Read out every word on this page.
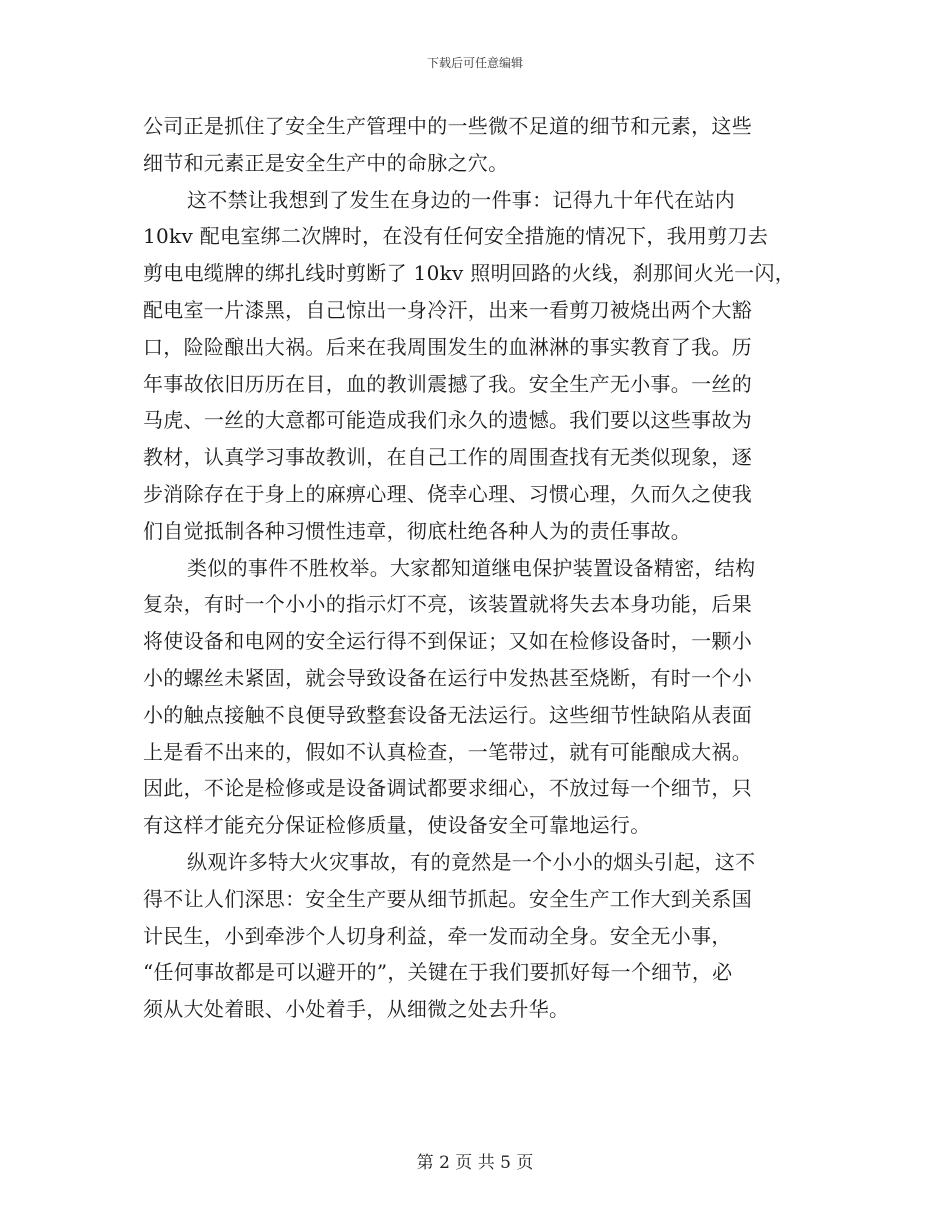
下载后可任意编辑
公司正是抓住了安全生产管理中的一些微不足道的细节和元素，这些
细节和元素正是安全生产中的命脉之穴。
这不禁让我想到了发生在身边的一件事：记得九十年代在站内
10kv 配电室绑二次牌时，在没有任何安全措施的情况下，我用剪刀去
剪电电缆牌的绑扎线时剪断了 10kv 照明回路的火线，刹那间火光一闪，
配电室一片漆黑，自己惊出一身冷汗，出来一看剪刀被烧出两个大豁
口，险险酿出大祸。后来在我周围发生的血淋淋的事实教育了我。历
年事故依旧历历在目，血的教训震撼了我。安全生产无小事。一丝的
马虎、一丝的大意都可能造成我们永久的遗憾。我们要以这些事故为
教材，认真学习事故教训，在自己工作的周围查找有无类似现象，逐
步消除存在于身上的麻痹心理、侥幸心理、习惯心理，久而久之使我
们自觉抵制各种习惯性违章，彻底杜绝各种人为的责任事故。
类似的事件不胜枚举。大家都知道继电保护装置设备精密，结构
复杂，有时一个小小的指示灯不亮，该装置就将失去本身功能，后果
将使设备和电网的安全运行得不到保证；又如在检修设备时，一颗小
小的螺丝未紧固，就会导致设备在运行中发热甚至烧断，有时一个小
小的触点接触不良便导致整套设备无法运行。这些细节性缺陷从表面
上是看不出来的，假如不认真检查，一笔带过，就有可能酿成大祸。
因此，不论是检修或是设备调试都要求细心，不放过每一个细节，只
有这样才能充分保证检修质量，使设备安全可靠地运行。
纵观许多特大火灾事故，有的竟然是一个小小的烟头引起，这不
得不让人们深思：安全生产要从细节抓起。安全生产工作大到关系国
计民生，小到牵涉个人切身利益，牵一发而动全身。安全无小事，
“任何事故都是可以避开的”，关键在于我们要抓好每一个细节，必
须从大处着眼、小处着手，从细微之处去升华。
第 2 页 共 5 页
